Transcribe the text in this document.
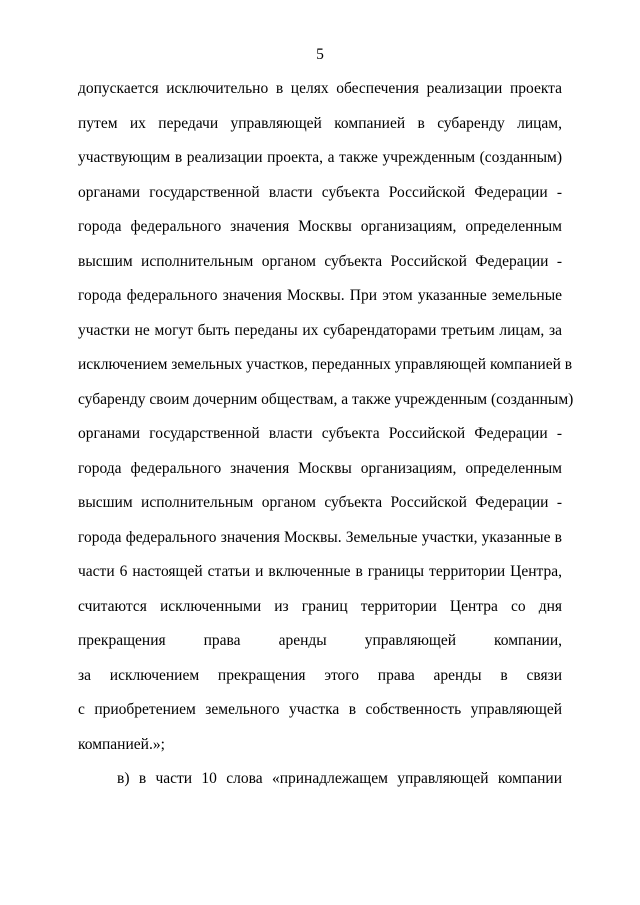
5
допускается исключительно в целях обеспечения реализации проекта
путем их передачи управляющей компанией в субаренду лицам,
участвующим в реализации проекта, а также учрежденным (созданным)
органами государственной власти субъекта Российской Федерации -
города федерального значения Москвы организациям, определенным
высшим исполнительным органом субъекта Российской Федерации -
города федерального значения Москвы. При этом указанные земельные
участки не могут быть переданы их субарендаторами третьим лицам, за
исключением земельных участков, переданных управляющей компанией в
субаренду своим дочерним обществам, а также учрежденным (созданным)
органами государственной власти субъекта Российской Федерации -
города федерального значения Москвы организациям, определенным
высшим исполнительным органом субъекта Российской Федерации -
города федерального значения Москвы. Земельные участки, указанные в
части 6 настоящей статьи и включенные в границы территории Центра,
считаются исключенными из границ территории Центра со дня
прекращения права аренды управляющей компании,
за исключением прекращения этого права аренды в связи
с приобретением земельного участка в собственность управляющей
компанией.»;
в) в части 10 слова «принадлежащем управляющей компании
